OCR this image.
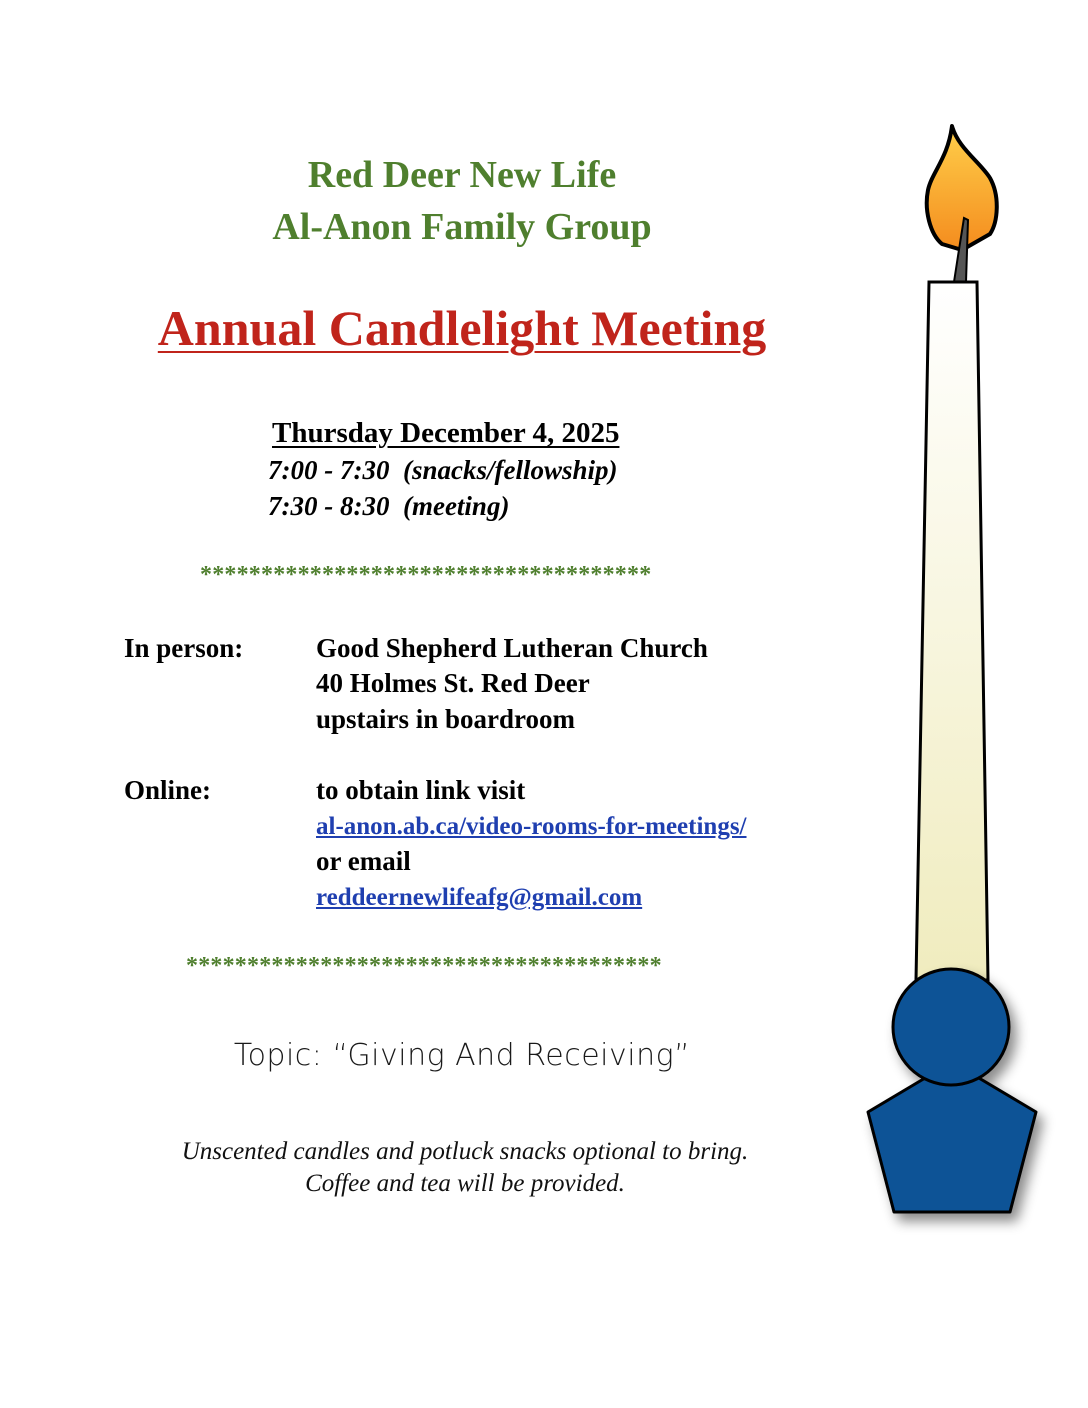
Red Deer New Life
Al-Anon Family Group
Annual Candlelight Meeting
Thursday December 4, 2025
7:00 - 7:30  (snacks/fellowship)
7:30 - 8:30  (meeting)
*************************************
In person:	Good Shepherd Lutheran Church
40 Holmes St. Red Deer
upstairs in boardroom
Online:	to obtain link visit
al-anon.ab.ca/video-rooms-for-meetings/
or email
reddeernewlifeafg@gmail.com
***************************************
Topic: “Giving And Receiving”
Unscented candles and potluck snacks optional to bring.
Coffee and tea will be provided.
